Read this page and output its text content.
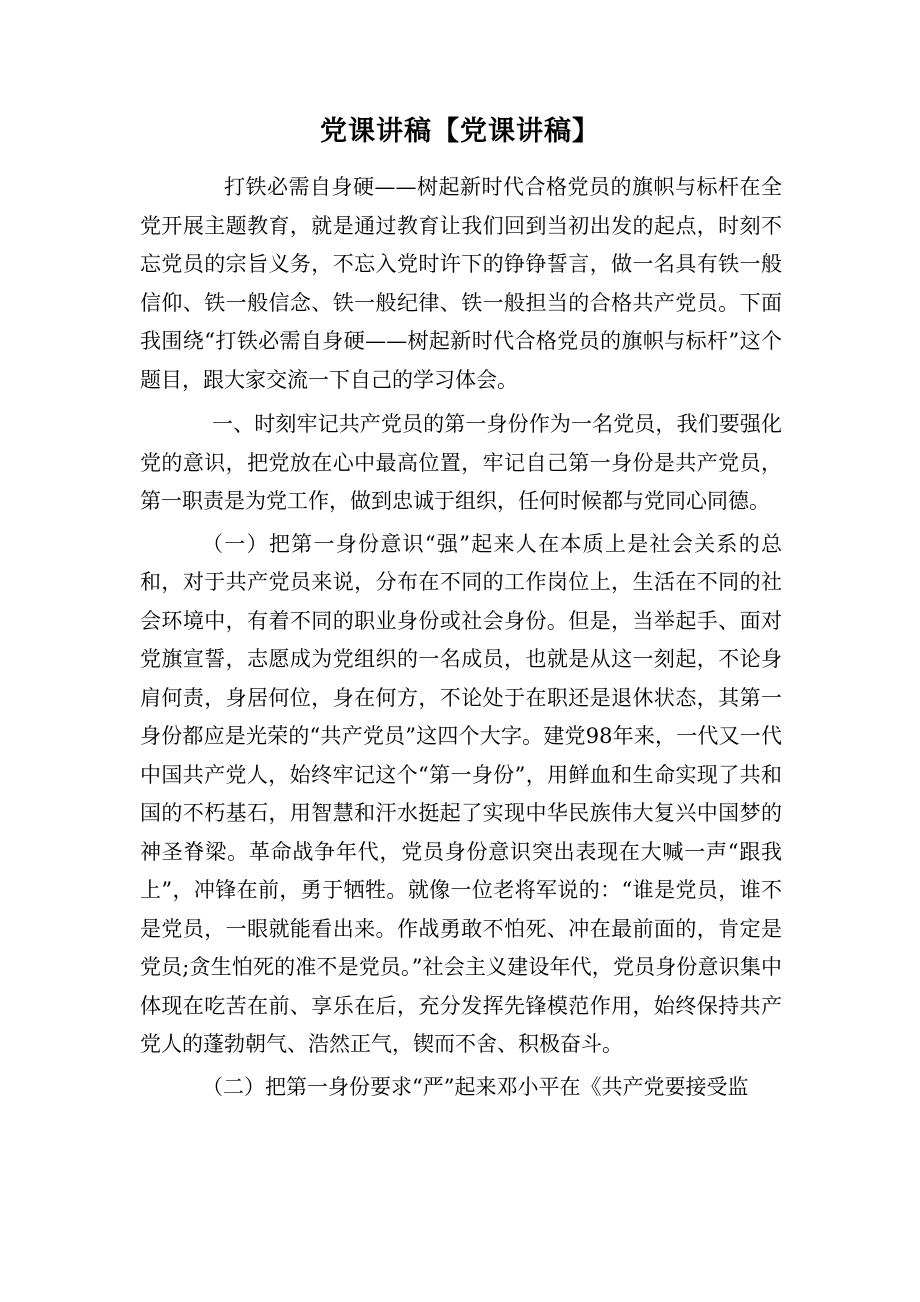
党课讲稿【党课讲稿】

打铁必需自身硬——树起新时代合格党员的旗帜与标杆在全党开展主题教育，就是通过教育让我们回到当初出发的起点，时刻不忘党员的宗旨义务，不忘入党时许下的铮铮誓言，做一名具有铁一般信仰、铁一般信念、铁一般纪律、铁一般担当的合格共产党员。下面我围绕“打铁必需自身硬——树起新时代合格党员的旗帜与标杆”这个题目，跟大家交流一下自己的学习体会。

一、时刻牢记共产党员的第一身份作为一名党员，我们要强化党的意识，把党放在心中最高位置，牢记自己第一身份是共产党员，第一职责是为党工作，做到忠诚于组织，任何时候都与党同心同德。

（一）把第一身份意识“强”起来人在本质上是社会关系的总和，对于共产党员来说，分布在不同的工作岗位上，生活在不同的社会环境中，有着不同的职业身份或社会身份。但是，当举起手、面对党旗宣誓，志愿成为党组织的一名成员，也就是从这一刻起，不论身肩何责，身居何位，身在何方，不论处于在职还是退休状态，其第一身份都应是光荣的“共产党员”这四个大字。建党98年来，一代又一代中国共产党人，始终牢记这个“第一身份”，用鲜血和生命实现了共和国的不朽基石，用智慧和汗水挺起了实现中华民族伟大复兴中国梦的神圣脊梁。革命战争年代，党员身份意识突出表现在大喊一声“跟我上”，冲锋在前，勇于牺牲。就像一位老将军说的：“谁是党员，谁不是党员，一眼就能看出来。作战勇敢不怕死、冲在最前面的，肯定是党员;贪生怕死的准不是党员。”社会主义建设年代，党员身份意识集中体现在吃苦在前、享乐在后，充分发挥先锋模范作用，始终保持共产党人的蓬勃朝气、浩然正气，锲而不舍、积极奋斗。

（二）把第一身份要求“严”起来邓小平在《共产党要接受监
